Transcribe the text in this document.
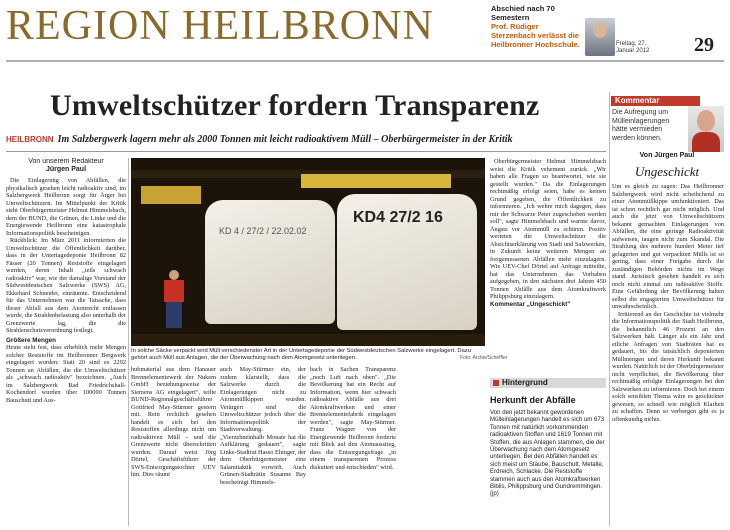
REGION HEILBRONN	Abschied nach 70 Semestern
Prof. Rüdiger Sterzenbach verlässt die Heilbronner Hochschule.	Freitag, 27. Januar 2012	29
Umweltschützer fordern Transparenz
HEILBRONN Im Salzbergwerk lagern mehr als 2000 Tonnen mit leicht radioaktivem Müll – Oberbürgermeister in der Kritik
Von unserem Redakteur
Jürgen Paul
Die Einlagerung von Abfällen, die physikalisch gesehen leicht radioaktiv sind, im Salzbergwerk Heilbronn sorgt für Ärger bei Umweltschützern. Im Mittelpunkt der Kritik steht Oberbürgermeister Helmut Himmelsbach, dem der BUND, die Grünen, die Linke und die Energiewende Heilbronn eine katastrophale Informationspolitik bescheinigen.
Rückblick: Im März 2011 informierten die Umweltschützer die Öffentlichkeit darüber, dass in der Untertagedeponie Heilbronn 82 Fässer (20 Tonnen) Reststoffe eingelagert wurden, deren Inhalt „teils schwach radioaktiv" war, wie der damalige Vorstand der Südwestdeutschen Salzwerke (SWS) AG, Ekkehard Schneider, einräumte. Entscheidend für das Unternehmen war die Tatsache, dass dieser Abfall aus dem Atomrecht entlassen wurde, die Strahlenbelastung also unterhalb der Grenzwerte lag, die die Strahlenschutzverordnung festlegt.
Größere Mengen
Heute steht fest, dass erheblich mehr Mengen solcher Reststoffe im Heilbronner Bergwerk eingelagert wurden: Statt 20 sind es 2292 Tonnen an Abfällen, die die Umweltschützer als „schwach radioaktiv" bezeichnen. „Auch im Salzbergwerk Bad Friedrichshall-Kochendorf wurden über 100000 Tonnen Bauschutt und Aus-
KD 4 / 27/2 / 22.02.02
KD4 27/2 16
In solche Säcke verpackt wird Müll verschiedenster Art in der Untertagedeponie der Südwestdeutschen Salzwerke eingelagert. Dazu gehört auch Müll aus Anlagen, die der Überwachung nach dem Atomgesetz unterliegen.	Foto: Archiv/Scheffler
hubmaterial aus dem Hanauer Brennelementewerk der Nukem GmbH beziehungsweise der Siemens AG eingelagert", teilte BUND-Regionalgeschäftsführer Gottfried May-Stürmer gestern mit. Rein rechtlich gesehen handelt es sich bei den Reststoffen allerdings nicht um radioaktiven Müll – und die Grenzwerte nicht überschritten wurden. Darauf weist Jörg Dörtel, Geschäftsführer der SWS-Entsorgungstochter UEV hin. Dies räumt
auch May-Stürmer ein, der zudem klarstellt, dass die Salzwerke durch die Einlagerungen nicht zu Atommüllkippen wurden. Verärgert sind die Umweltschützer jedoch über die Informationspolitik der Stadtverwaltung. „Vierzehneinhalb Monate hat die Aufklärung gedauert", sagte Linke-Stadtrat Hasso Ehinger, der dem Oberbürgermeister eine Salamitaktik vorwirft. Auch Grünen-Stadträtin Susanne Bay bescheinigt Himmels-
bach in Sachen Transparenz „noch Luft nach oben". „Die Bevölkerung hat ein Recht auf Information, wenn hier schwach radioaktive Abfälle aus drei Atomkraftwerken und einer Brennelementefabrik eingelagert werden", sagte May-Stürmer. Franz Wagner von der Energiewende Heilbronn forderte mit Blick auf den Atomausstieg, dass die Entsorgungsfrage „in einem transparenten Prozess diskutiert und entschieden" wird.
Oberbürgermeister Helmut Himmelsbach weist die Kritik vehement zurück. „Wir haben alle Fragen so beantwortet, wie sie gestellt wurden." Da die Einlagerungen rechtmäßig erfolgt seien, habe es keinen Grund gegeben, die Öffentlichkeit zu informieren. „Ich wehre mich dagegen, dass mir der Schwarze Peter zugeschoben werden soll", sagte Himmelsbach und warnte davor, Ängste vor Atommüll zu schüren. Positiv werteten die Umweltschützer die Absichtserklärung von Stadt und Salzwerken, in Zukunft keine weiteren Mengen an freigemessenen Abfällen mehr einzulagern. Wie UEV-Chef Dörtel auf Anfrage mitteilte, hat das Unternehmen das Vorhaben aufgegeben, in den nächsten drei Jahren 450 Tonnen Abfälle aus dem Atomkraftwerk Philippsburg einzulagern.
Kommentar „Ungeschickt"
Hintergrund
Herkunft der Abfälle
Von den jetzt bekannt gewordenen Mülleinlagerungen handelt es sich um 673 Tonnen mit natürlich vorkommenden radioaktiven Stoffen und 1619 Tonnen mit Stoffen, die aus Anlagen stammen, die der Überwachung nach dem Atomgesetz unterliegen. Bei den Abfällen handelt es sich meist um Stäube, Bauschutt, Metalle, Erdreich, Schlacke. Die Reststoffe stammen auch aus den Atomkraftwerken Biblis, Philippsburg und Gundremmingen. (jp)
Kommentar
Die Aufregung um Mülleinlagerungen hätte vermieden werden können.
Von Jürgen Paul
Ungeschickt
Um es gleich zu sagen: Das Heilbronner Salzbergwerk wird nicht scheibchend zu einer Atommüllkippe umfunktioniert. Das ist schon rechtlich gar nicht möglich. Und auch die jetzt von Umweltschützern bekannt gemachten Einlagerungen von Abfällen, die eine geringe Radioaktivität aufweisen, taugen nicht zum Skandal. Die Strahlung des mehrere hundert Meter tief gelagerten und gut verpackten Mülls ist so gering, dass einer Freigabe durch die zuständigen Behörden nichts im Wege stand. Juristisch gesehen handelt es sich noch nicht einmal um radioaktive Stoffe. Eine Gefährdung der Bevölkerung halten selbst die engagierten Umweltschützer für unwahrscheinlich.
Irritierend an der Geschichte ist vielmehr die Informationspolitik der Stadt Heilbronn, die bekanntlich 46 Prozent an den Salzwerken hält. Länger als ein Jahr und etliche Anfragen von Stadträten hat es gedauert, bis die tatsächlich deponierten Müllmengen und deren Herkunft bekannt wurden. Natürlich ist der Oberbürgermeister nicht verpflichtet, die Bevölkerung über rechtmäßig erfolgte Einlagerungen bei den Salzwerken zu informieren. Doch bei einem solch sensiblen Thema wäre es geschickter gewesen, so schnell wie möglich Klarheit zu schaffen. Denn so verbergen gibt es ja offenkundig nichts.
